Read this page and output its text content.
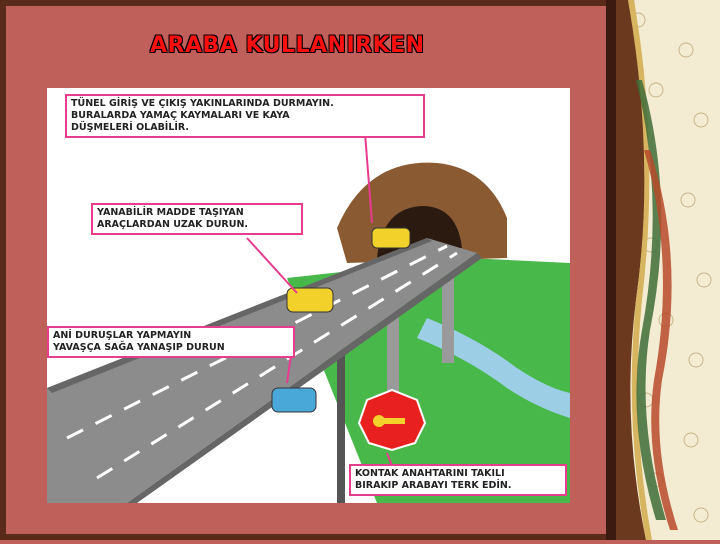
ARABA KULLANIRKEN
TÜNEL GİRİŞ VE ÇIKIŞ YAKINLARINDA DURMAYIN.
BURALARDA YAMAÇ KAYMALARI VE KAYA
DÜŞMELERİ OLABİLİR.
YANABİLİR MADDE TAŞIYAN
ARAÇLARDAN UZAK DURUN.
ANİ DURUŞLAR YAPMAYIN
YAVAŞÇA SAĞA YANAŞIP DURUN
KONTAK ANAHTARINI TAKILI
BIRAKIP ARABAYI TERK EDİN.
